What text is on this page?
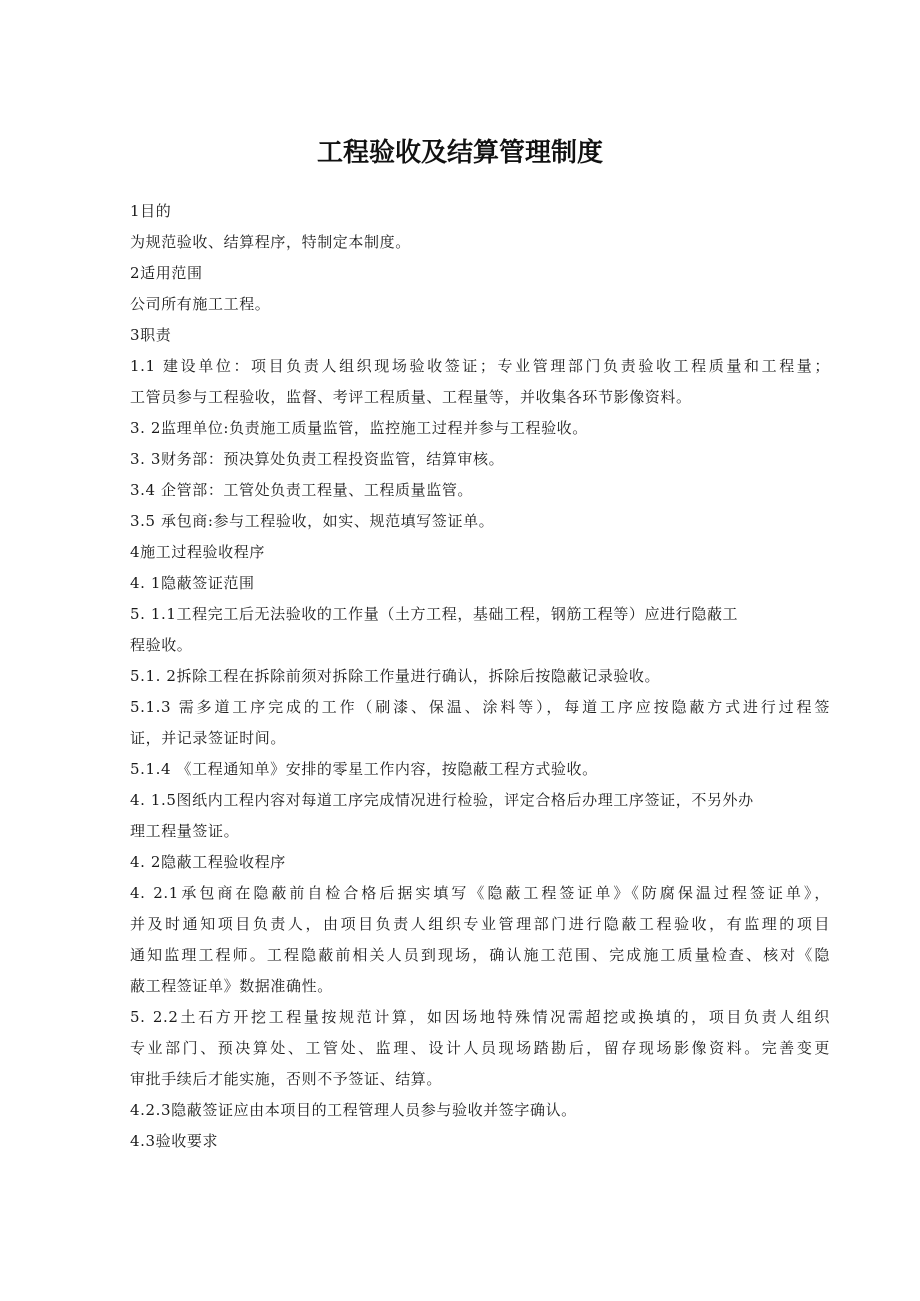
工程验收及结算管理制度
1目的
为规范验收、结算程序，特制定本制度。
2适用范围
公司所有施工工程。
3职责
1.1 建设单位：项目负责人组织现场验收签证；专业管理部门负责验收工程质量和工程量；
工管员参与工程验收，监督、考评工程质量、工程量等，并收集各环节影像资料。
3. 2监理单位:负责施工质量监管，监控施工过程并参与工程验收。
3. 3财务部：预决算处负责工程投资监管，结算审核。
3.4 企管部：工管处负责工程量、工程质量监管。
3.5 承包商:参与工程验收，如实、规范填写签证单。
4施工过程验收程序
4. 1隐蔽签证范围
5. 1.1工程完工后无法验收的工作量（土方工程，基础工程，钢筋工程等）应进行隐蔽工
程验收。
5.1. 2拆除工程在拆除前须对拆除工作量进行确认，拆除后按隐蔽记录验收。
5.1.3 需多道工序完成的工作（刷漆、保温、涂料等），每道工序应按隐蔽方式进行过程签
证，并记录签证时间。
5.1.4 《工程通知单》安排的零星工作内容，按隐蔽工程方式验收。
4. 1.5图纸内工程内容对每道工序完成情况进行检验，评定合格后办理工序签证，不另外办
理工程量签证。
4. 2隐蔽工程验收程序
4. 2.1承包商在隐蔽前自检合格后据实填写《隐蔽工程签证单》《防腐保温过程签证单》，
并及时通知项目负责人，由项目负责人组织专业管理部门进行隐蔽工程验收，有监理的项目
通知监理工程师。工程隐蔽前相关人员到现场，确认施工范围、完成施工质量检查、核对《隐
蔽工程签证单》数据准确性。
5. 2.2土石方开挖工程量按规范计算，如因场地特殊情况需超挖或换填的，项目负责人组织
专业部门、预决算处、工管处、监理、设计人员现场踏勘后，留存现场影像资料。完善变更
审批手续后才能实施，否则不予签证、结算。
4.2.3隐蔽签证应由本项目的工程管理人员参与验收并签字确认。
4.3验收要求
